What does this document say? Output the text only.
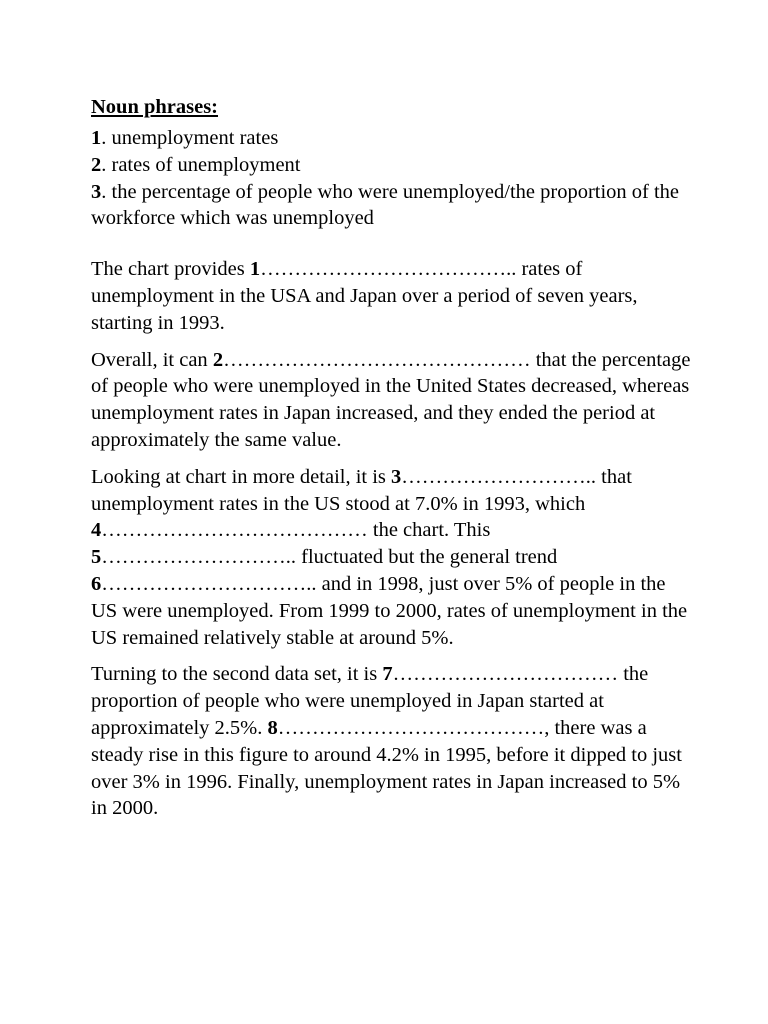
Noun phrases:
1. unemployment rates
2. rates of unemployment
3. the percentage of people who were unemployed/the proportion of the workforce which was unemployed

The chart provides 1……………………………….. rates of unemployment in the USA and Japan over a period of seven years, starting in 1993.

Overall, it can 2……………………………………… that the percentage of people who were unemployed in the United States decreased, whereas unemployment rates in Japan increased, and they ended the period at approximately the same value.

Looking at chart in more detail, it is 3……………………….. that unemployment rates in the US stood at 7.0% in 1993, which 4………………………………… the chart. This 5……………………….. fluctuated but the general trend 6………………………….. and in 1998, just over 5% of people in the US were unemployed. From 1999 to 2000, rates of unemployment in the US remained relatively stable at around 5%.

Turning to the second data set, it is 7…………………………… the proportion of people who were unemployed in Japan started at approximately 2.5%. 8…………………………………, there was a steady rise in this figure to around 4.2% in 1995, before it dipped to just over 3% in 1996. Finally, unemployment rates in Japan increased to 5% in 2000.
